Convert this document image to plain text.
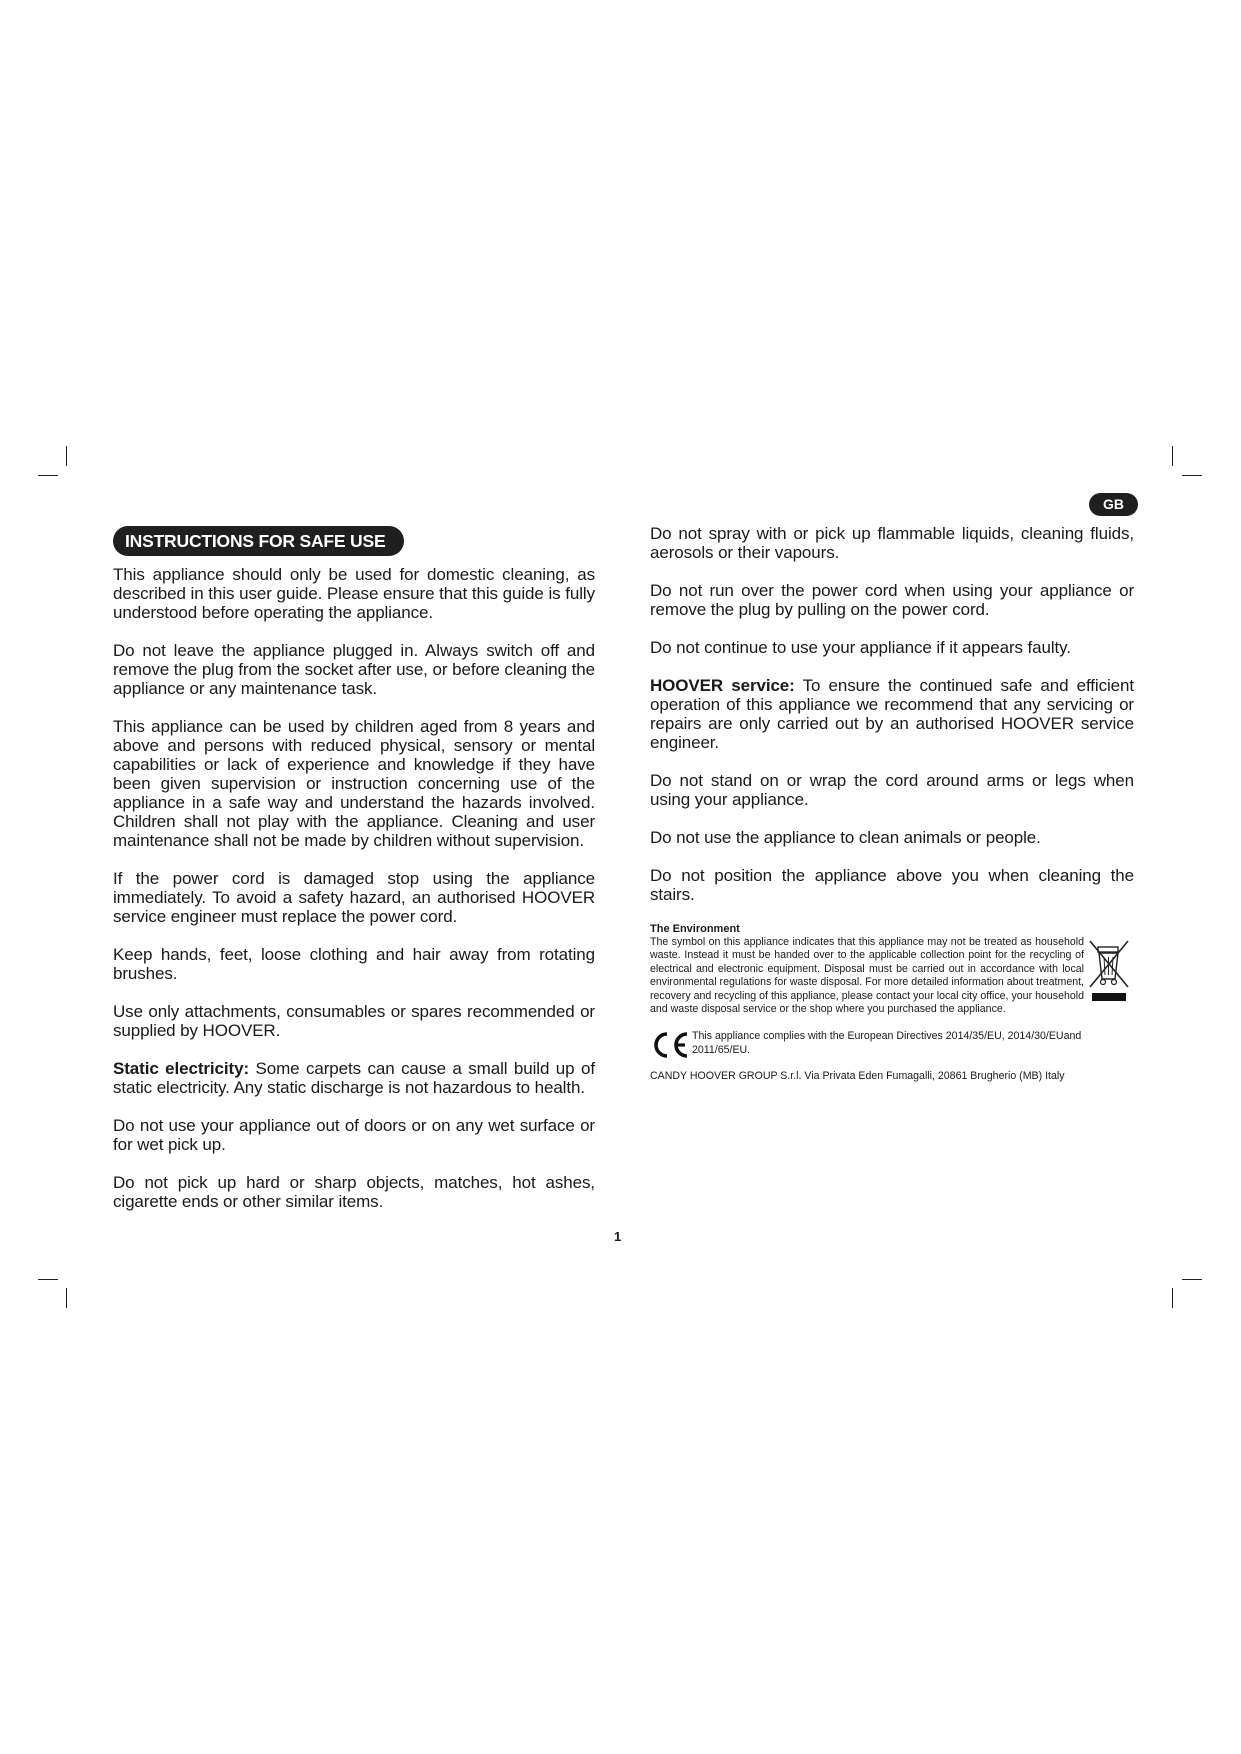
GB
INSTRUCTIONS FOR SAFE USE
This appliance should only be used for domestic cleaning, as described in this user guide. Please ensure that this guide is fully understood before operating the appliance.
Do not leave the appliance plugged in. Always switch off and remove the plug from the socket after use, or before cleaning the appliance or any maintenance task.
This appliance can be used by children aged from 8 years and above and persons with reduced physical, sensory or mental capabilities or lack of experience and knowledge if they have been given supervision or instruction concerning use of the appliance in a safe way and understand the hazards involved. Children shall not play with the appliance. Cleaning and user maintenance shall not be made by children without supervision.
If the power cord is damaged stop using the appliance immediately. To avoid a safety hazard, an authorised HOOVER service engineer must replace the power cord.
Keep hands, feet, loose clothing and hair away from rotating brushes.
Use only attachments, consumables or spares recommended or supplied by HOOVER.
Static electricity: Some carpets can cause a small build up of static electricity. Any static discharge is not hazardous to health.
Do not use your appliance out of doors or on any wet surface or for wet pick up.
Do not pick up hard or sharp objects, matches, hot ashes, cigarette ends or other similar items.
Do not spray with or pick up flammable liquids, cleaning fluids, aerosols or their vapours.
Do not run over the power cord when using your appliance or remove the plug by pulling on the power cord.
Do not continue to use your appliance if it appears faulty.
HOOVER service: To ensure the continued safe and efficient operation of this appliance we recommend that any servicing or repairs are only carried out by an authorised HOOVER service engineer.
Do not stand on or wrap the cord around arms or legs when using your appliance.
Do not use the appliance to clean animals or people.
Do not position the appliance above you when cleaning the stairs.
The Environment
The symbol on this appliance indicates that this appliance may not be treated as household waste. Instead it must be handed over to the applicable collection point for the recycling of electrical and electronic equipment. Disposal must be carried out in accordance with local environmental regulations for waste disposal. For more detailed information about treatment, recovery and recycling of this appliance, please contact your local city office, your household and waste disposal service or the shop where you purchased the appliance.
This appliance complies with the European Directives 2014/35/EU, 2014/30/EUand 2011/65/EU.
CANDY HOOVER GROUP S.r.l. Via Privata Eden Fumagalli, 20861 Brugherio (MB) Italy
1
